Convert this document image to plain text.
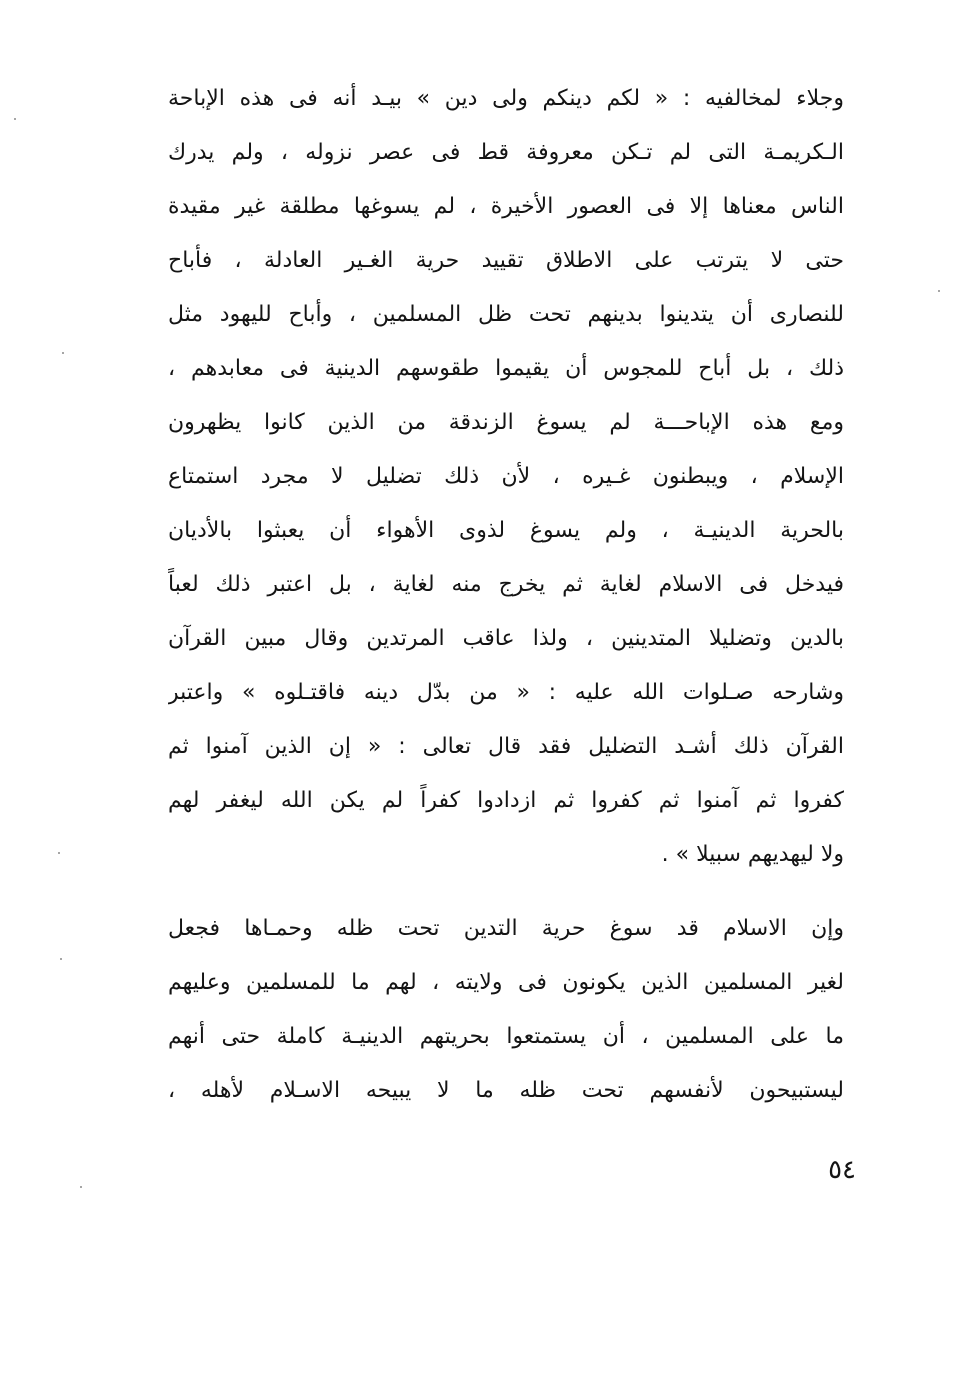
وجلاء لمخالفيه : « لكم دينكم ولى دين » بيـد أنه فى هذه الإباحة
الـكريمـة التى لم تـكن معروفة قط فى عصر نزوله ، ولم يدرك
الناس معناها إلا فى العصور الأخيرة ، لم يسوغها مطلقة غير مقيدة
حتى لا يترتب على الاطلاق تقييد حرية الغـير العادلة ، فأباح
للنصارى أن يتدينوا بدينهم تحت ظل المسلمين ، وأباح لليهود مثل
ذلك ، بل أباح للمجوس أن يقيموا طقوسهم الدينية فى معابدهم ،
ومع هذه الإباحـــة لم يسوغ الزندقة من الذين كانوا يظهرون
الإسلام ، ويبطنون غـيره ، لأن ذلك تضليل لا مجرد استمتاع
بالحرية الدينيـة ، ولم يسوغ لذوى الأهواء أن يعبثوا بالأديان
فيدخل فى الاسلام لغاية ثم يخرج منه لغاية ، بل اعتبر ذلك لعباً
بالدين وتضليلا المتدينين ، ولذا عاقب المرتدين وقال مبين القرآن
وشارحه صـلوات الله عليه : « من بدّل دينه فاقتـلوه » واعتبر
القرآن ذلك أشـد التضليل فقد قال تعالى : « إن الذين آمنوا ثم
كفروا ثم آمنوا ثم كفروا ثم ازدادوا كفراً لم يكن الله ليغفر لهم
ولا ليهديهم سبيلا » .
وإن الاسلام قد سوغ حرية التدين تحت ظله وحمـاها فجعل
لغير المسلمين الذين يكونون فى ولايته ، لهم ما للمسلمين وعليهم
ما على المسلمين ، أن يستمتعوا بحريتهم الدينيـة كاملة حتى أنهم
ليستبيحون لأنفسهم تحت ظله ما لا يبيحه الاسـلام لأهله ،
٥٤
